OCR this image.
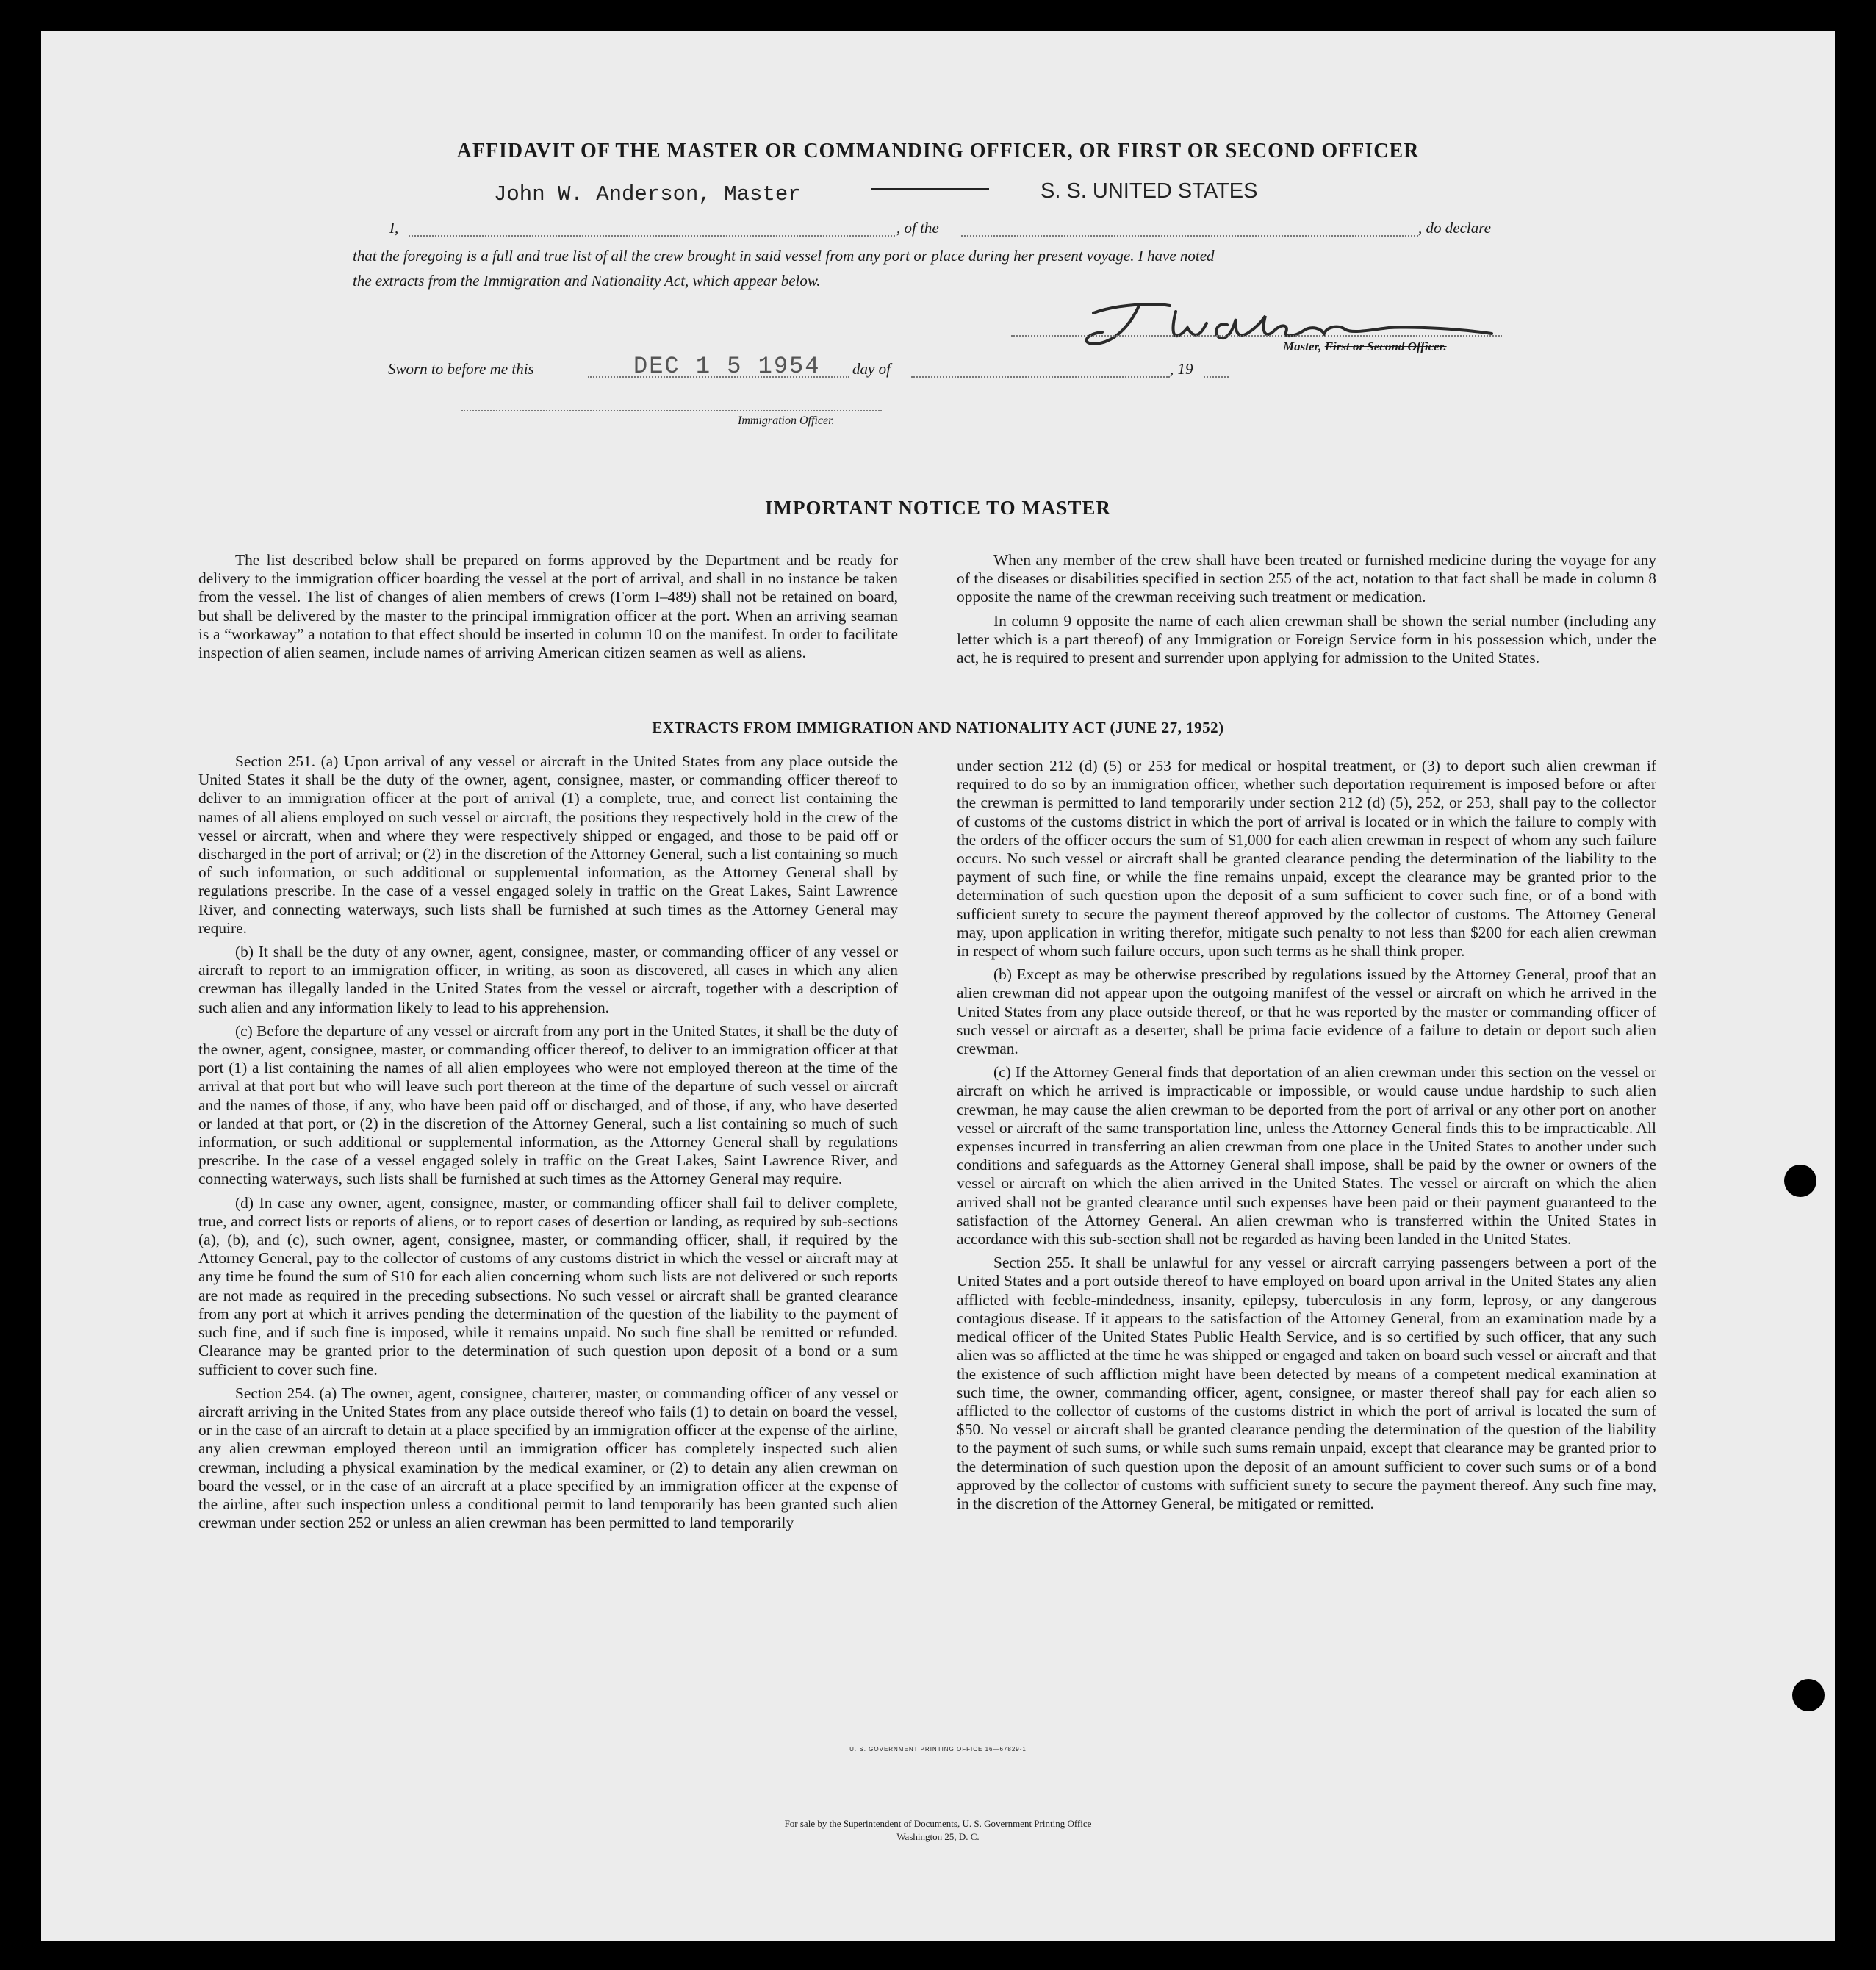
AFFIDAVIT OF THE MASTER OR COMMANDING OFFICER, OR FIRST OR SECOND OFFICER
John W. Anderson, Master	S. S. UNITED STATES
I,	, of the	, do declare
that the foregoing is a full and true list of all the crew brought in said vessel from any port or place during her present voyage. I have noted
the extracts from the Immigration and Nationality Act, which appear below.
Master, First or Second Officer.
Sworn to before me this	DEC 1 5 1954 day of	, 19
Immigration Officer.
IMPORTANT NOTICE TO MASTER

The list described below shall be prepared on forms approved by the Department and be ready for delivery to the immigration officer boarding the vessel at the port of arrival, and shall in no instance be taken from the vessel. The list of changes of alien members of crews (Form I–489) shall not be retained on board, but shall be delivered by the master to the principal immigration officer at the port. When an arriving seaman is a “workaway” a notation to that effect should be inserted in column 10 on the manifest. In order to facilitate inspection of alien seamen, include names of arriving American citizen seamen as well as aliens.

When any member of the crew shall have been treated or furnished medicine during the voyage for any of the diseases or disabilities specified in section 255 of the act, notation to that fact shall be made in column 8 opposite the name of the crewman receiving such treatment or medication.

In column 9 opposite the name of each alien crewman shall be shown the serial number (including any letter which is a part thereof) of any Immigration or Foreign Service form in his possession which, under the act, he is required to present and surrender upon applying for admission to the United States.

EXTRACTS FROM IMMIGRATION AND NATIONALITY ACT (JUNE 27, 1952)

Section 251. (a) Upon arrival of any vessel or aircraft in the United States from any place outside the United States it shall be the duty of the owner, agent, consignee, master, or commanding officer thereof to deliver to an immigration officer at the port of arrival (1) a complete, true, and correct list containing the names of all aliens employed on such vessel or aircraft, the positions they respectively hold in the crew of the vessel or aircraft, when and where they were respectively shipped or engaged, and those to be paid off or discharged in the port of arrival; or (2) in the discretion of the Attorney General, such a list containing so much of such information, or such additional or supplemental information, as the Attorney General shall by regulations prescribe. In the case of a vessel engaged solely in traffic on the Great Lakes, Saint Lawrence River, and connecting waterways, such lists shall be furnished at such times as the Attorney General may require.

(b) It shall be the duty of any owner, agent, consignee, master, or commanding officer of any vessel or aircraft to report to an immigration officer, in writing, as soon as discovered, all cases in which any alien crewman has illegally landed in the United States from the vessel or aircraft, together with a description of such alien and any information likely to lead to his apprehension.

(c) Before the departure of any vessel or aircraft from any port in the United States, it shall be the duty of the owner, agent, consignee, master, or commanding officer thereof, to deliver to an immigration officer at that port (1) a list containing the names of all alien employees who were not employed thereon at the time of the arrival at that port but who will leave such port thereon at the time of the departure of such vessel or aircraft and the names of those, if any, who have been paid off or discharged, and of those, if any, who have deserted or landed at that port, or (2) in the discretion of the Attorney General, such a list containing so much of such information, or such additional or supplemental information, as the Attorney General shall by regulations prescribe. In the case of a vessel engaged solely in traffic on the Great Lakes, Saint Lawrence River, and connecting waterways, such lists shall be furnished at such times as the Attorney General may require.

(d) In case any owner, agent, consignee, master, or commanding officer shall fail to deliver complete, true, and correct lists or reports of aliens, or to report cases of desertion or landing, as required by sub-sections (a), (b), and (c), such owner, agent, consignee, master, or commanding officer, shall, if required by the Attorney General, pay to the collector of customs of any customs district in which the vessel or aircraft may at any time be found the sum of $10 for each alien concerning whom such lists are not delivered or such reports are not made as required in the preceding subsections. No such vessel or aircraft shall be granted clearance from any port at which it arrives pending the determination of the question of the liability to the payment of such fine, and if such fine is imposed, while it remains unpaid. No such fine shall be remitted or refunded. Clearance may be granted prior to the determination of such question upon deposit of a bond or a sum sufficient to cover such fine.

Section 254. (a) The owner, agent, consignee, charterer, master, or commanding officer of any vessel or aircraft arriving in the United States from any place outside thereof who fails (1) to detain on board the vessel, or in the case of an aircraft to detain at a place specified by an immigration officer at the expense of the airline, any alien crewman employed thereon until an immigration officer has completely inspected such alien crewman, including a physical examination by the medical examiner, or (2) to detain any alien crewman on board the vessel, or in the case of an aircraft at a place specified by an immigration officer at the expense of the airline, after such inspection unless a conditional permit to land temporarily has been granted such alien crewman under section 252 or unless an alien crewman has been permitted to land temporarily

under section 212 (d) (5) or 253 for medical or hospital treatment, or (3) to deport such alien crewman if required to do so by an immigration officer, whether such deportation requirement is imposed before or after the crewman is permitted to land temporarily under section 212 (d) (5), 252, or 253, shall pay to the collector of customs of the customs district in which the port of arrival is located or in which the failure to comply with the orders of the officer occurs the sum of $1,000 for each alien crewman in respect of whom any such failure occurs. No such vessel or aircraft shall be granted clearance pending the determination of the liability to the payment of such fine, or while the fine remains unpaid, except the clearance may be granted prior to the determination of such question upon the deposit of a sum sufficient to cover such fine, or of a bond with sufficient surety to secure the payment thereof approved by the collector of customs. The Attorney General may, upon application in writing therefor, mitigate such penalty to not less than $200 for each alien crewman in respect of whom such failure occurs, upon such terms as he shall think proper.

(b) Except as may be otherwise prescribed by regulations issued by the Attorney General, proof that an alien crewman did not appear upon the outgoing manifest of the vessel or aircraft on which he arrived in the United States from any place outside thereof, or that he was reported by the master or commanding officer of such vessel or aircraft as a deserter, shall be prima facie evidence of a failure to detain or deport such alien crewman.

(c) If the Attorney General finds that deportation of an alien crewman under this section on the vessel or aircraft on which he arrived is impracticable or impossible, or would cause undue hardship to such alien crewman, he may cause the alien crewman to be deported from the port of arrival or any other port on another vessel or aircraft of the same transportation line, unless the Attorney General finds this to be impracticable. All expenses incurred in transferring an alien crewman from one place in the United States to another under such conditions and safeguards as the Attorney General shall impose, shall be paid by the owner or owners of the vessel or aircraft on which the alien arrived in the United States. The vessel or aircraft on which the alien arrived shall not be granted clearance until such expenses have been paid or their payment guaranteed to the satisfaction of the Attorney General. An alien crewman who is transferred within the United States in accordance with this sub-section shall not be regarded as having been landed in the United States.

Section 255. It shall be unlawful for any vessel or aircraft carrying passengers between a port of the United States and a port outside thereof to have employed on board upon arrival in the United States any alien afflicted with feeble-mindedness, insanity, epilepsy, tuberculosis in any form, leprosy, or any dangerous contagious disease. If it appears to the satisfaction of the Attorney General, from an examination made by a medical officer of the United States Public Health Service, and is so certified by such officer, that any such alien was so afflicted at the time he was shipped or engaged and taken on board such vessel or aircraft and that the existence of such affliction might have been detected by means of a competent medical examination at such time, the owner, commanding officer, agent, consignee, or master thereof shall pay for each alien so afflicted to the collector of customs of the customs district in which the port of arrival is located the sum of $50. No vessel or aircraft shall be granted clearance pending the determination of the question of the liability to the payment of such sums, or while such sums remain unpaid, except that clearance may be granted prior to the determination of such question upon the deposit of an amount sufficient to cover such sums or of a bond approved by the collector of customs with sufficient surety to secure the payment thereof. Any such fine may, in the discretion of the Attorney General, be mitigated or remitted.

U. S. GOVERNMENT PRINTING OFFICE 16—67829-1
For sale by the Superintendent of Documents, U. S. Government Printing Office
Washington 25, D. C.
